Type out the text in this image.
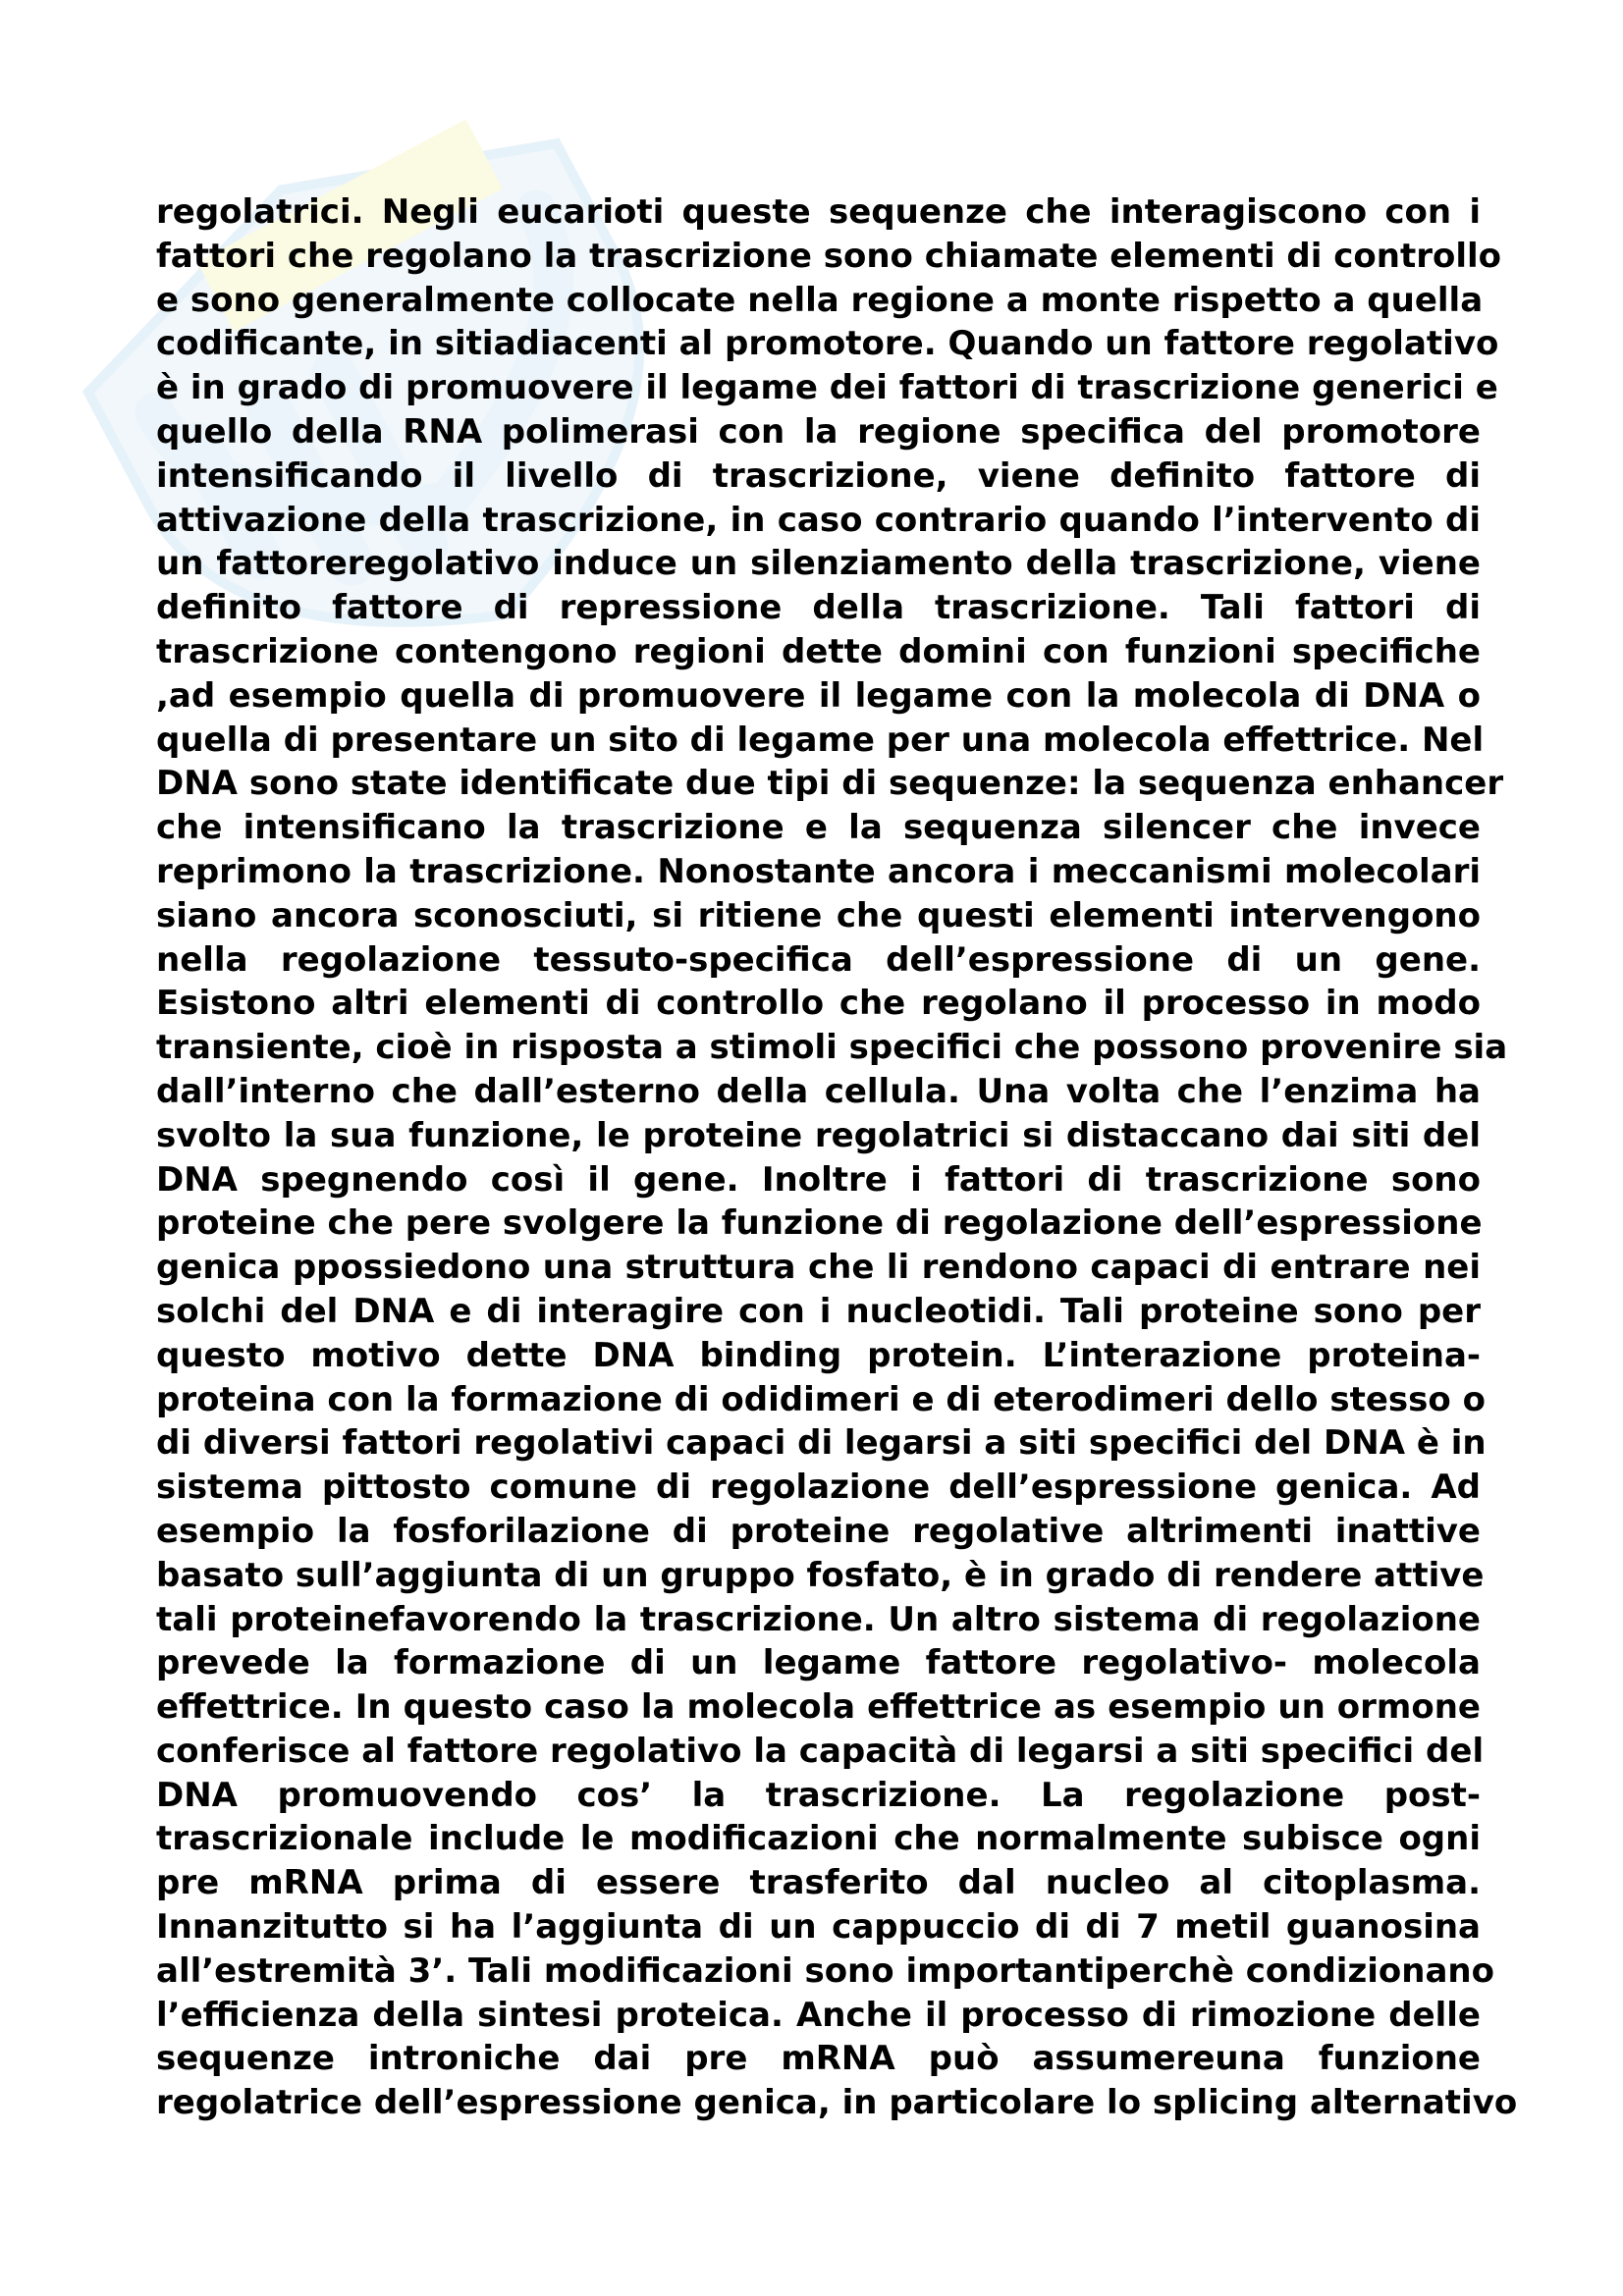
regolatrici. Negli eucarioti queste sequenze che interagiscono con i
fattori che regolano la trascrizione sono chiamate elementi di controllo
e sono generalmente collocate nella regione a monte rispetto a quella
codificante, in sitiadiacenti al promotore. Quando un fattore regolativo
è in grado di promuovere il legame dei fattori di trascrizione generici e
quello della RNA polimerasi con la regione specifica del promotore
intensificando il livello di trascrizione, viene definito fattore di
attivazione della trascrizione, in caso contrario quando l’intervento di
un fattoreregolativo induce un silenziamento della trascrizione, viene
definito fattore di repressione della trascrizione. Tali fattori di
trascrizione contengono regioni dette domini con funzioni specifiche
,ad esempio quella di promuovere il legame con la molecola di DNA o
quella di presentare un sito di legame per una molecola effettrice. Nel
DNA sono state identificate due tipi di sequenze: la sequenza enhancer
che intensificano la trascrizione e la sequenza silencer che invece
reprimono la trascrizione. Nonostante ancora i meccanismi molecolari
siano ancora sconosciuti, si ritiene che questi elementi intervengono
nella regolazione tessuto-specifica dell’espressione di un gene.
Esistono altri elementi di controllo che regolano il processo in modo
transiente, cioè in risposta a stimoli specifici che possono provenire sia
dall’interno che dall’esterno della cellula. Una volta che l’enzima ha
svolto la sua funzione, le proteine regolatrici si distaccano dai siti del
DNA spegnendo così il gene. Inoltre i fattori di trascrizione sono
proteine che pere svolgere la funzione di regolazione dell’espressione
genica ppossiedono una struttura che li rendono capaci di entrare nei
solchi del DNA e di interagire con i nucleotidi. Tali proteine sono per
questo motivo dette DNA binding protein. L’interazione proteina-
proteina con la formazione di odidimeri e di eterodimeri dello stesso o
di diversi fattori regolativi capaci di legarsi a siti specifici del DNA è in
sistema pittosto comune di regolazione dell’espressione genica. Ad
esempio la fosforilazione di proteine regolative altrimenti inattive
basato sull’aggiunta di un gruppo fosfato, è in grado di rendere attive
tali proteinefavorendo la trascrizione. Un altro sistema di regolazione
prevede la formazione di un legame fattore regolativo- molecola
effettrice. In questo caso la molecola effettrice as esempio un ormone
conferisce al fattore regolativo la capacità di legarsi a siti specifici del
DNA promuovendo cos’ la trascrizione. La regolazione post-
trascrizionale include le modificazioni che normalmente subisce ogni
pre mRNA prima di essere trasferito dal nucleo al citoplasma.
Innanzitutto si ha l’aggiunta di un cappuccio di di 7 metil guanosina
all’estremità 3’. Tali modificazioni sono importantiperchè condizionano
l’efficienza della sintesi proteica. Anche il processo di rimozione delle
sequenze introniche dai pre mRNA può assumereuna funzione
regolatrice dell’espressione genica, in particolare lo splicing alternativo
